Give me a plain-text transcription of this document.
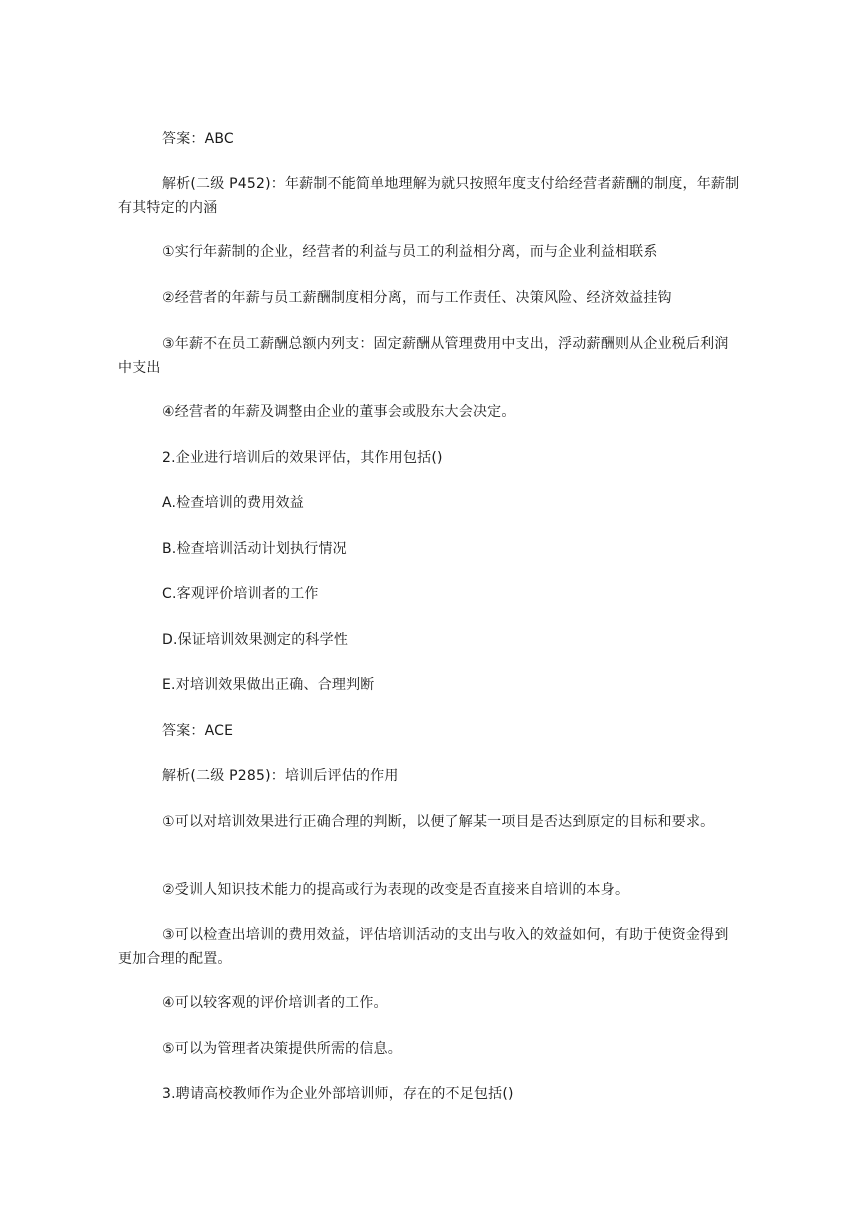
答案：ABC

解析(二级 P452)：年薪制不能简单地理解为就只按照年度支付给经营者薪酬的制度，年薪制有其特定的内涵

①实行年薪制的企业，经营者的利益与员工的利益相分离，而与企业利益相联系

②经营者的年薪与员工薪酬制度相分离，而与工作责任、决策风险、经济效益挂钩

③年薪不在员工薪酬总额内列支：固定薪酬从管理费用中支出，浮动薪酬则从企业税后利润中支出

④经营者的年薪及调整由企业的董事会或股东大会决定。

2.企业进行培训后的效果评估，其作用包括()

A.检查培训的费用效益

B.检查培训活动计划执行情况

C.客观评价培训者的工作

D.保证培训效果测定的科学性

E.对培训效果做出正确、合理判断

答案：ACE

解析(二级 P285)：培训后评估的作用

①可以对培训效果进行正确合理的判断，以便了解某一项目是否达到原定的目标和要求。

②受训人知识技术能力的提高或行为表现的改变是否直接来自培训的本身。

③可以检查出培训的费用效益，评估培训活动的支出与收入的效益如何，有助于使资金得到更加合理的配置。

④可以较客观的评价培训者的工作。

⑤可以为管理者决策提供所需的信息。

3.聘请高校教师作为企业外部培训师，存在的不足包括()
